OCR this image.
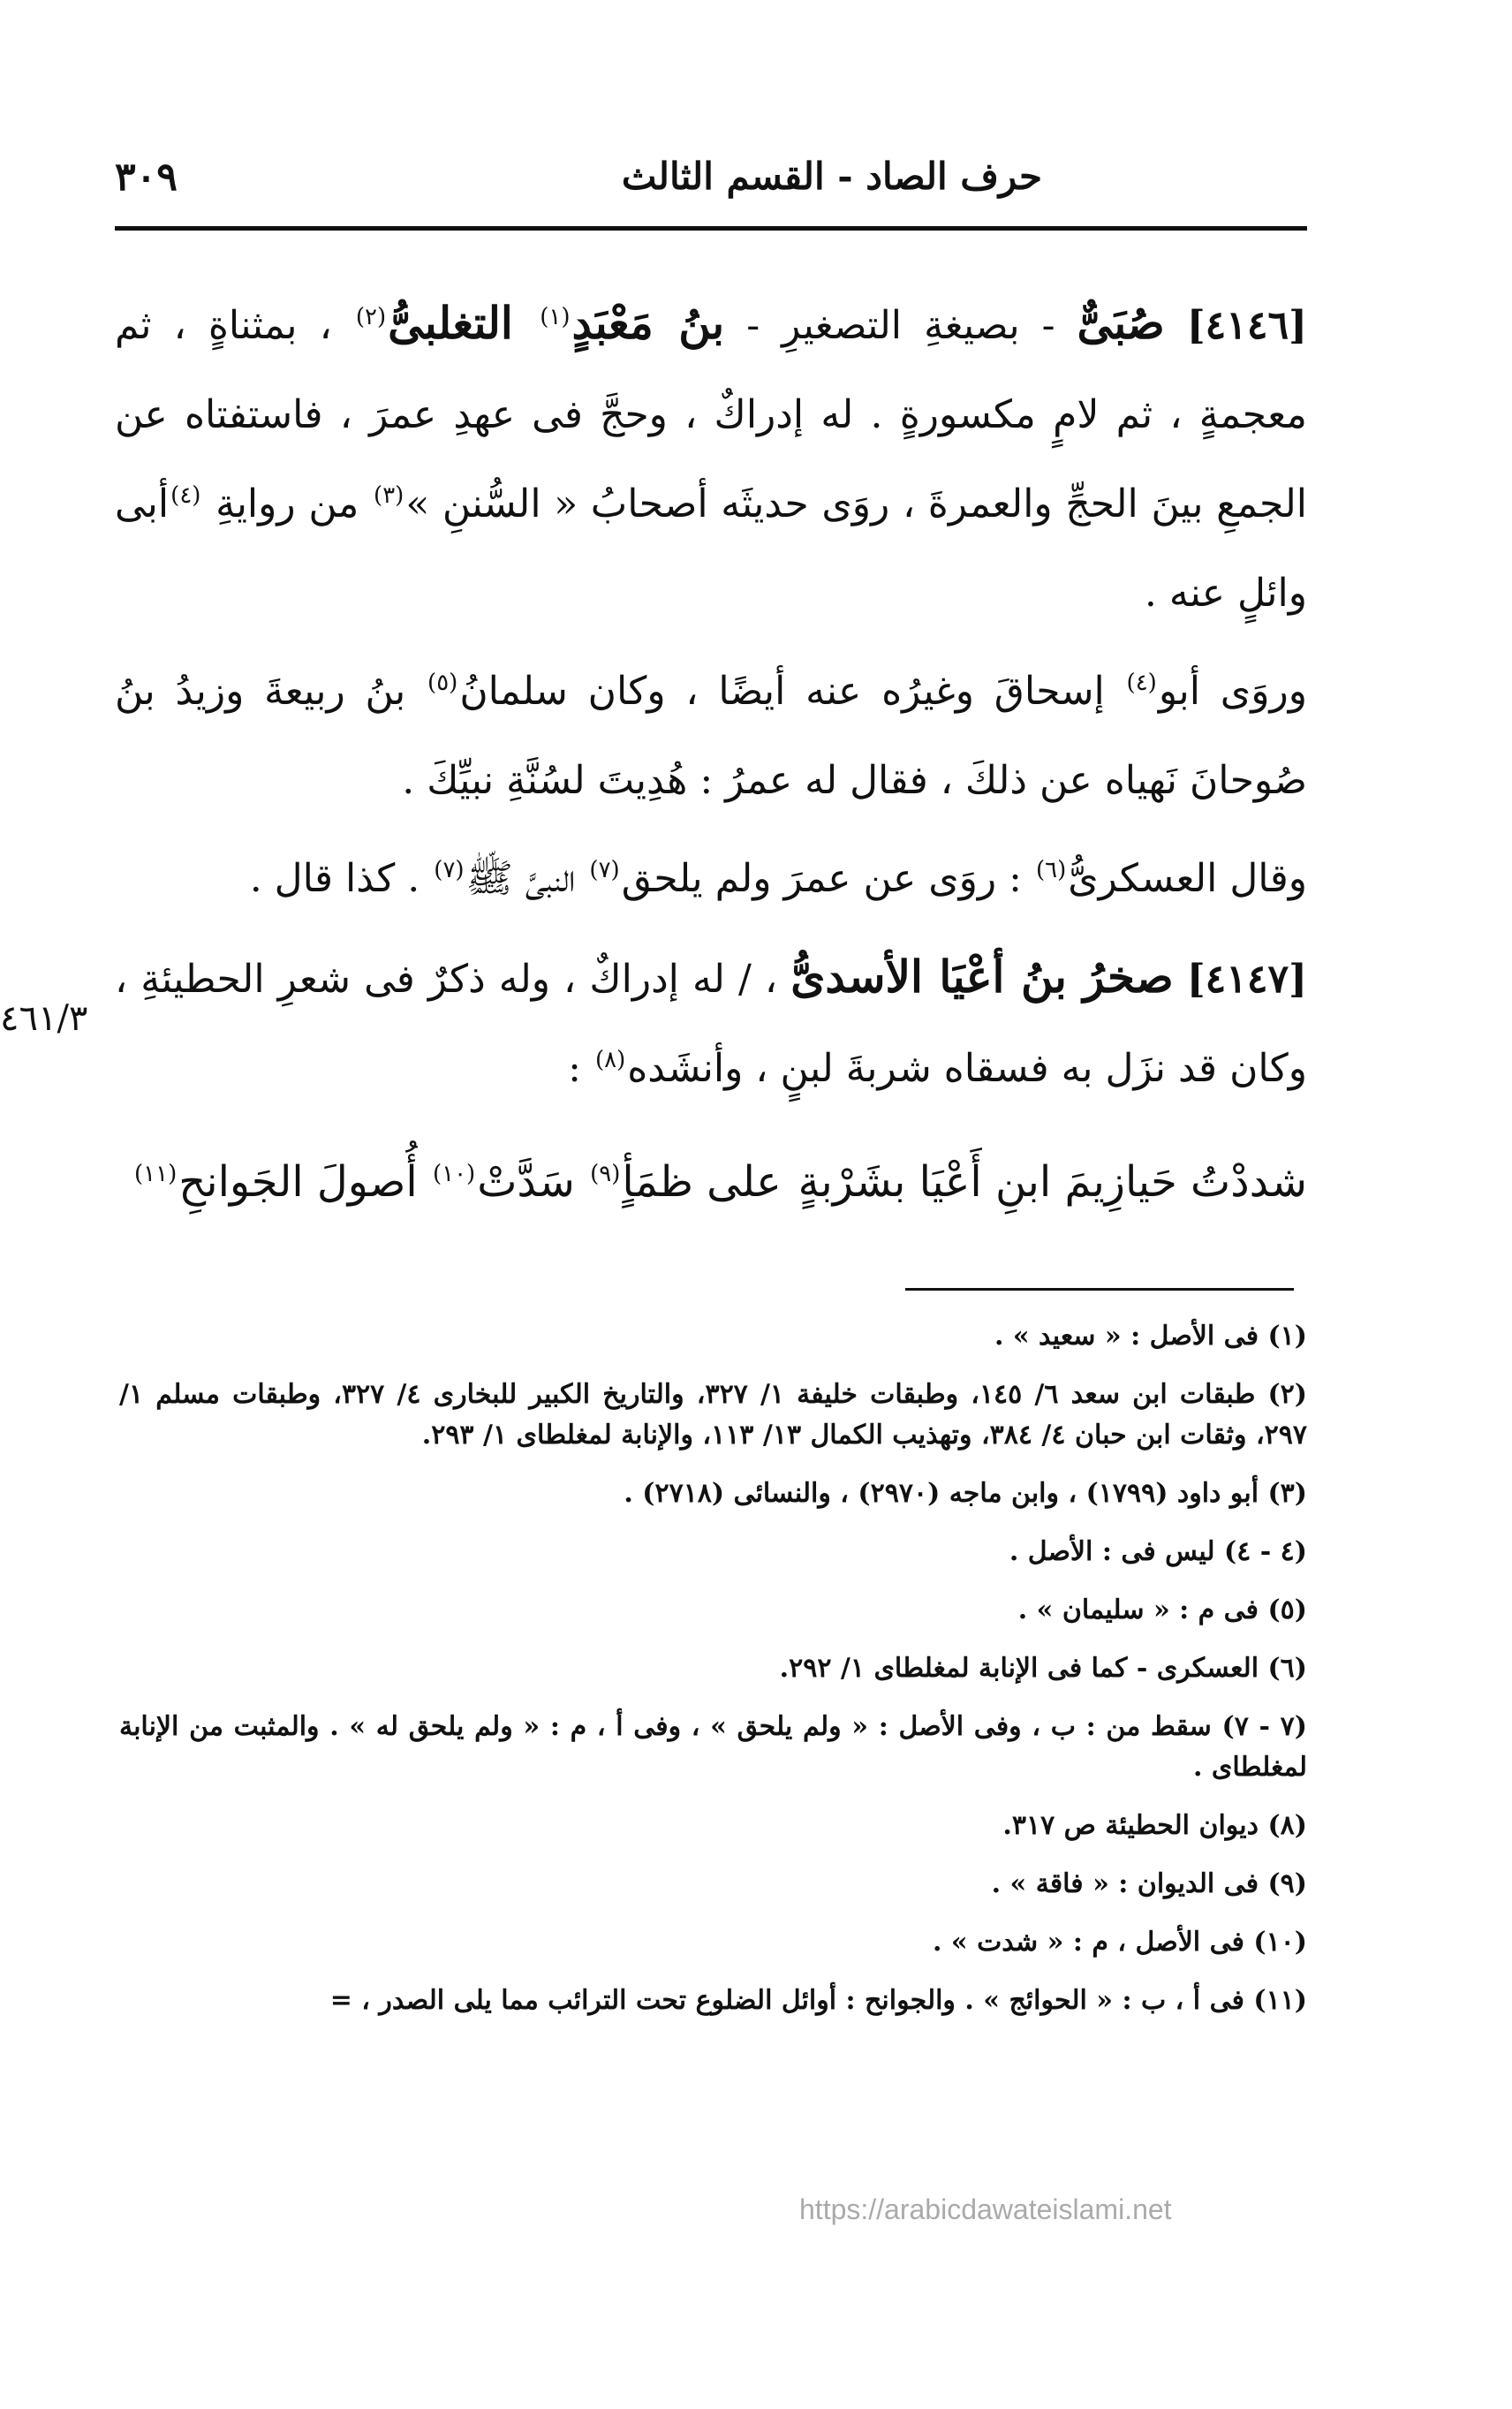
حرف الصاد - القسم الثالث
٣٠٩
٤٦١/٣

[٤١٤٦] صُبَىٌّ - بصيغةِ التصغيرِ - بنُ مَعْبَدٍ$^{(١)}$ التغلبىُّ$^{(٢)}$ ، بمثناةٍ ، ثم معجمةٍ ، ثم لامٍ مكسورةٍ . له إدراكٌ ، وحجَّ فى عهدِ عمرَ ، فاستفتاه عن الجمعِ بينَ الحجِّ والعمرةَ ، روَى حديثَه أصحابُ « السُّننِ »$^{(٣)}$ من روايةِ $^{(٤)}$أبى وائلٍ عنه .

وروَى أبو$^{(٤)}$ إسحاقَ وغيرُه عنه أيضًا ، وكان سلمانُ$^{(٥)}$ بنُ ربيعةَ وزيدُ بنُ صُوحانَ نَهياه عن ذلكَ ، فقال له عمرُ : هُدِيتَ لسُنَّةِ نبيِّكَ .

وقال العسكرىُّ$^{(٦)}$ : روَى عن عمرَ ولم يلحق$^{(٧)}$ النبىَّ ﷺ$^{(٧)}$ . كذا قال .

[٤١٤٧] صخرُ بنُ أعْيَا الأسدىُّ ، / له إدراكٌ ، وله ذكرٌ فى شعرِ الحطيئةِ ، وكان قد نزَل به فسقاه شربةَ لبنٍ ، وأنشَده$^{(٨)}$ :

شددْتُ حَيازِيمَ ابنِ أَعْيَا بشَرْبةٍ
على ظمَأٍ$^{(٩)}$ سَدَّتْ$^{(١٠)}$ أُصولَ الجَوانحِ$^{(١١)}$
(١) فى الأصل : « سعيد » .
(٢) طبقات ابن سعد ٦/ ١٤٥، وطبقات خليفة ١/ ٣٢٧، والتاريخ الكبير للبخارى ٤/ ٣٢٧، وطبقات مسلم ١/ ٢٩٧، وثقات ابن حبان ٤/ ٣٨٤، وتهذيب الكمال ١٣/ ١١٣، والإنابة لمغلطاى ١/ ٢٩٣.
(٣) أبو داود (١٧٩٩) ، وابن ماجه (٢٩٧٠) ، والنسائى (٢٧١٨) .
(٤ - ٤) ليس فى : الأصل .
(٥) فى م : « سليمان » .
(٦) العسكرى - كما فى الإنابة لمغلطاى ١/ ٢٩٢.
(٧ - ٧) سقط من : ب ، وفى الأصل : « ولم يلحق » ، وفى أ ، م : « ولم يلحق له » . والمثبت من الإنابة لمغلطاى .
(٨) ديوان الحطيئة ص ٣١٧.
(٩) فى الديوان : « فاقة » .
(١٠) فى الأصل ، م : « شدت » .
(١١) فى أ ، ب : « الحوائج » . والجوانح : أوائل الضلوع تحت الترائب مما يلى الصدر ، =
https://arabicdawateislami.net
